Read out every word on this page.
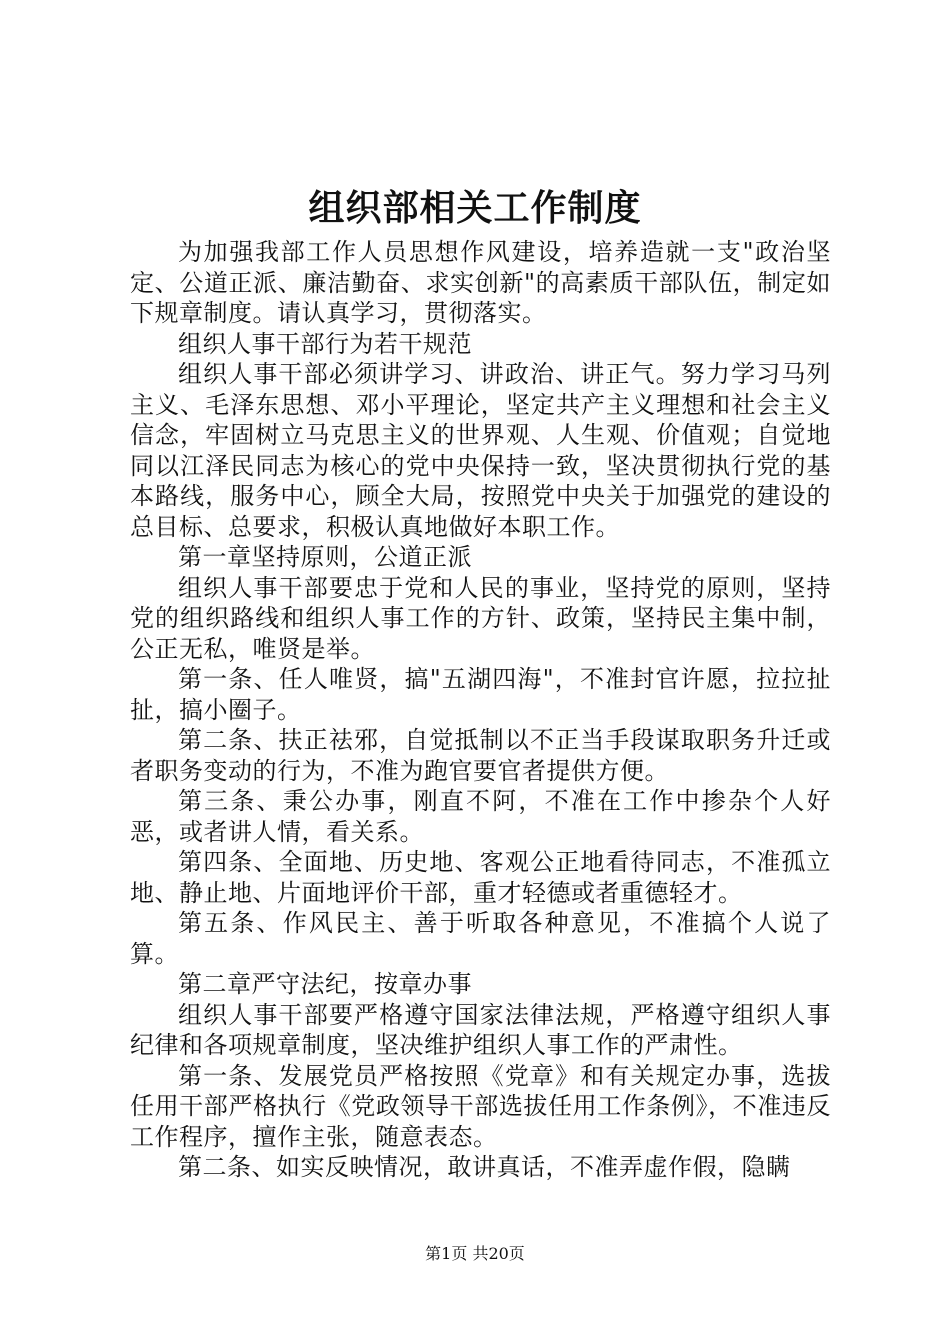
组织部相关工作制度

为加强我部工作人员思想作风建设，培养造就一支"政治坚定、公道正派、廉洁勤奋、求实创新"的高素质干部队伍，制定如下规章制度。请认真学习，贯彻落实。

组织人事干部行为若干规范

组织人事干部必须讲学习、讲政治、讲正气。努力学习马列主义、毛泽东思想、邓小平理论，坚定共产主义理想和社会主义信念，牢固树立马克思主义的世界观、人生观、价值观；自觉地同以江泽民同志为核心的党中央保持一致，坚决贯彻执行党的基本路线，服务中心，顾全大局，按照党中央关于加强党的建设的总目标、总要求，积极认真地做好本职工作。

第一章坚持原则，公道正派

组织人事干部要忠于党和人民的事业，坚持党的原则，坚持党的组织路线和组织人事工作的方针、政策，坚持民主集中制，公正无私，唯贤是举。

第一条、任人唯贤，搞"五湖四海"，不准封官许愿，拉拉扯扯，搞小圈子。

第二条、扶正祛邪，自觉抵制以不正当手段谋取职务升迁或者职务变动的行为，不准为跑官要官者提供方便。

第三条、秉公办事，刚直不阿，不准在工作中掺杂个人好恶，或者讲人情，看关系。

第四条、全面地、历史地、客观公正地看待同志，不准孤立地、静止地、片面地评价干部，重才轻德或者重德轻才。

第五条、作风民主、善于听取各种意见，不准搞个人说了算。

第二章严守法纪，按章办事

组织人事干部要严格遵守国家法律法规，严格遵守组织人事纪律和各项规章制度，坚决维护组织人事工作的严肃性。

第一条、发展党员严格按照《党章》和有关规定办事，选拔任用干部严格执行《党政领导干部选拔任用工作条例》，不准违反工作程序，擅作主张，随意表态。

第二条、如实反映情况，敢讲真话，不准弄虚作假，隐瞒

第1页 共20页
